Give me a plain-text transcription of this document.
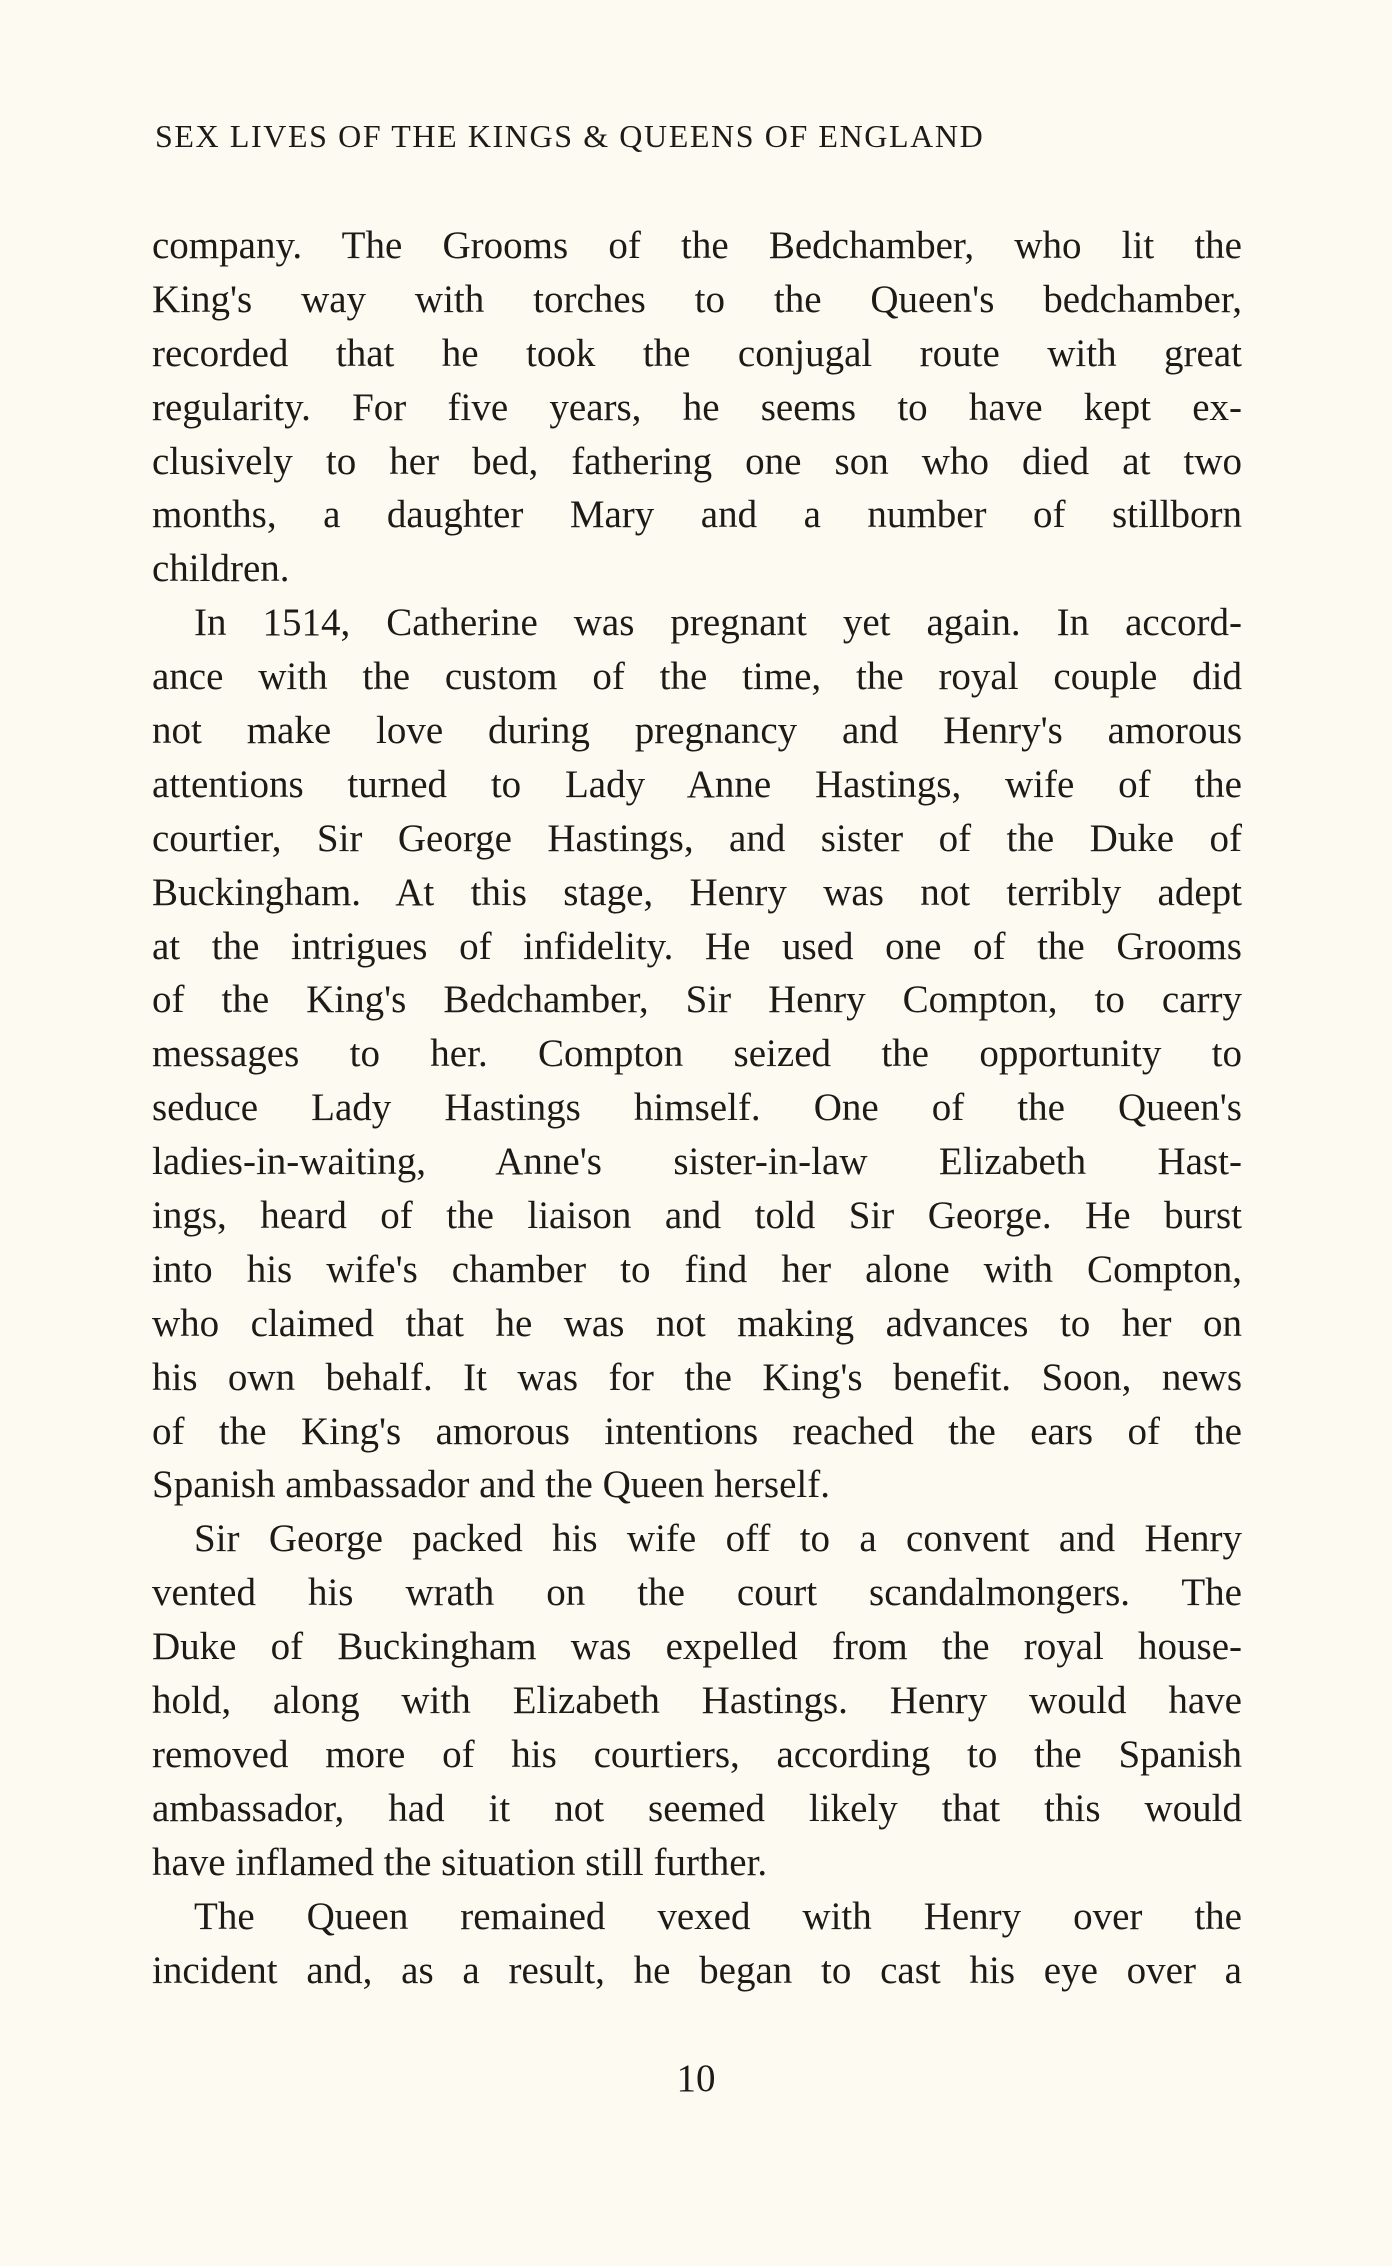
SEX LIVES OF THE KINGS & QUEENS OF ENGLAND
company. The Grooms of the Bedchamber, who lit the
King's way with torches to the Queen's bedchamber,
recorded that he took the conjugal route with great
regularity. For five years, he seems to have kept ex-
clusively to her bed, fathering one son who died at two
months, a daughter Mary and a number of stillborn
children.
In 1514, Catherine was pregnant yet again. In accord-
ance with the custom of the time, the royal couple did
not make love during pregnancy and Henry's amorous
attentions turned to Lady Anne Hastings, wife of the
courtier, Sir George Hastings, and sister of the Duke of
Buckingham. At this stage, Henry was not terribly adept
at the intrigues of infidelity. He used one of the Grooms
of the King's Bedchamber, Sir Henry Compton, to carry
messages to her. Compton seized the opportunity to
seduce Lady Hastings himself. One of the Queen's
ladies-in-waiting, Anne's sister-in-law Elizabeth Hast-
ings, heard of the liaison and told Sir George. He burst
into his wife's chamber to find her alone with Compton,
who claimed that he was not making advances to her on
his own behalf. It was for the King's benefit. Soon, news
of the King's amorous intentions reached the ears of the
Spanish ambassador and the Queen herself.
Sir George packed his wife off to a convent and Henry
vented his wrath on the court scandalmongers. The
Duke of Buckingham was expelled from the royal house-
hold, along with Elizabeth Hastings. Henry would have
removed more of his courtiers, according to the Spanish
ambassador, had it not seemed likely that this would
have inflamed the situation still further.
The Queen remained vexed with Henry over the
incident and, as a result, he began to cast his eye over a
10
